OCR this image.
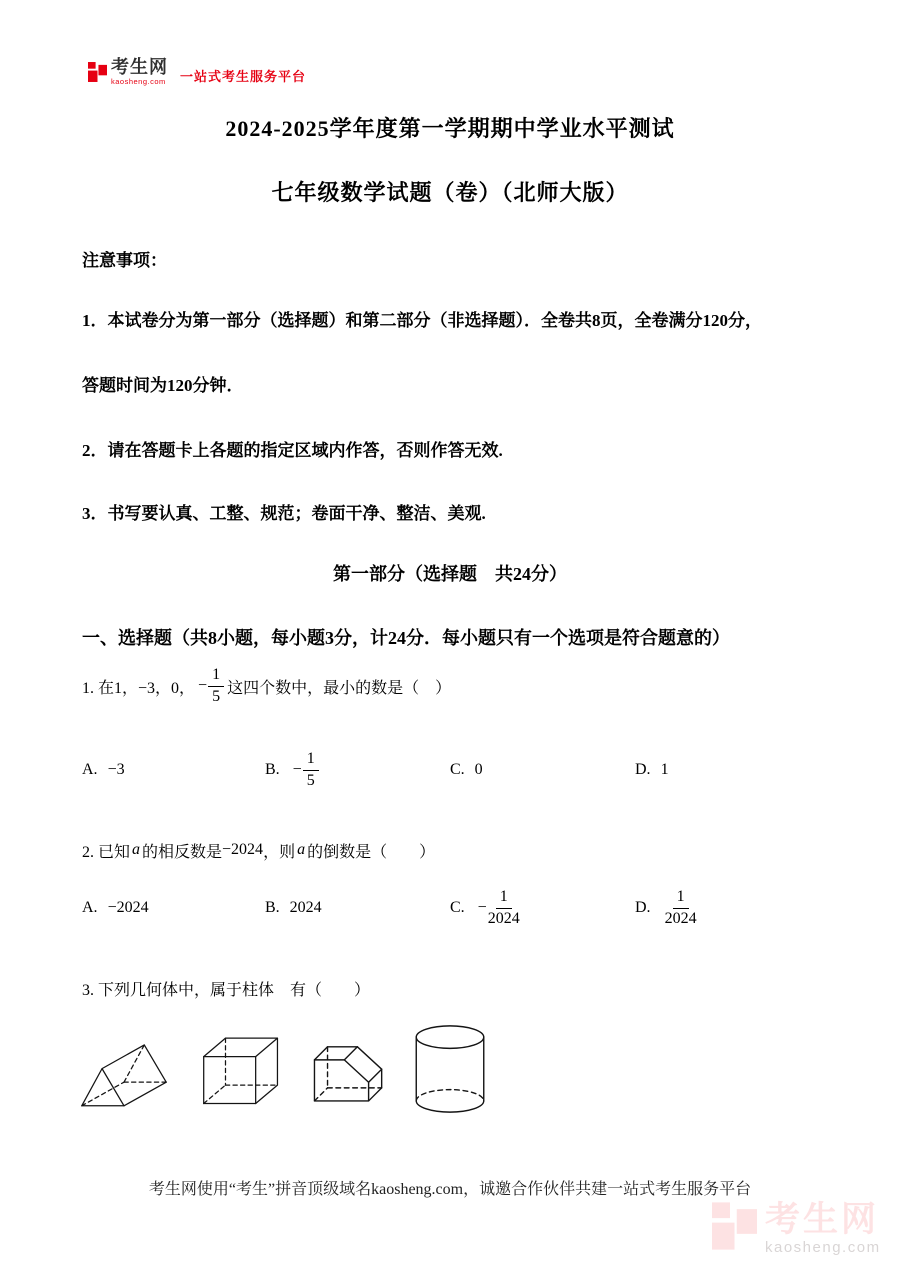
考生网
kaosheng.com 一站式考生服务平台
2024-2025学年度第一学期期中学业水平测试
七年级数学试题（卷）（北师大版）
注意事项：
1．本试卷分为第一部分（选择题）和第二部分（非选择题）．全卷共8页，全卷满分120分，
答题时间为120分钟．
2．请在答题卡上各题的指定区域内作答，否则作答无效.
3．书写要认真、工整、规范；卷面干净、整洁、美观.
第一部分（选择题　共24分）
一、选择题（共8小题，每小题3分，计24分．每小题只有一个选项是符合题意的）
1. 在1，−3，0， − $\frac{1}{5}$ 这四个数中，最小的数是（　）
A. −3	B. − $\frac{1}{5}$	C. 0	D. 1
2. 已知 a 的相反数是 −2024 ，则 a 的倒数是（　　）
A. −2024	B. 2024	C. − $\frac{1}{2024}$	D. $\frac{1}{2024}$
3. 下列几何体中，属于柱体　有（　　）
考生网使用“考生”拼音顶级域名kaosheng.com，诚邀合作伙伴共建一站式考生服务平台
考生网
kaosheng.com
